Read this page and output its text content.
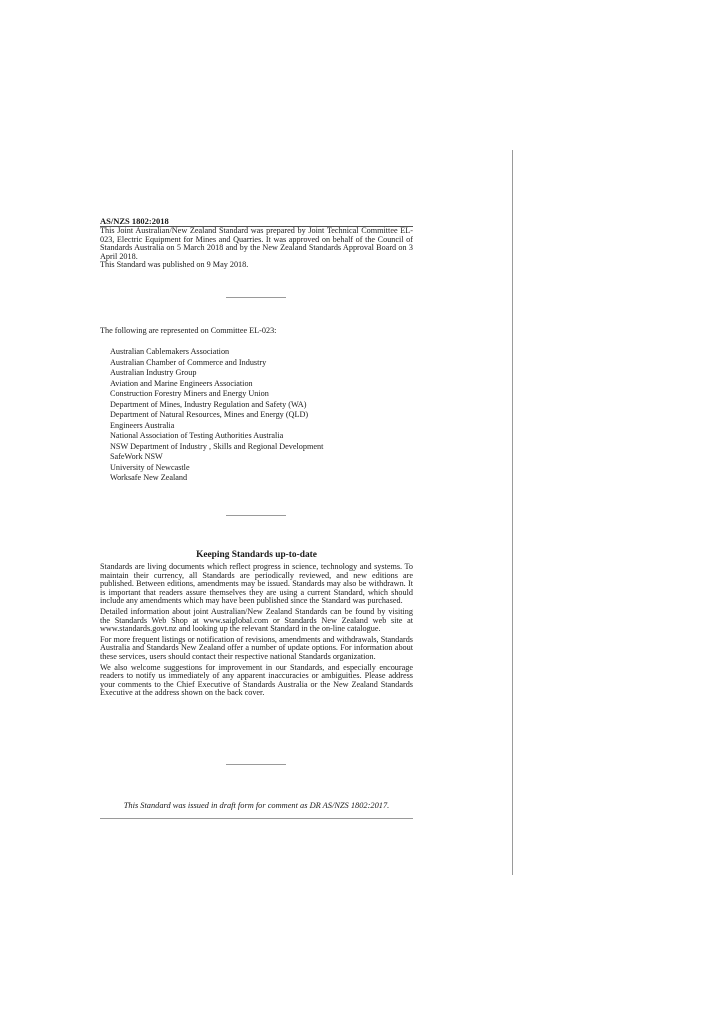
AS/NZS 1802:2018

This Joint Australian/New Zealand Standard was prepared by Joint Technical Committee EL-023, Electric Equipment for Mines and Quarries. It was approved on behalf of the Council of Standards Australia on 5 March 2018 and by the New Zealand Standards Approval Board on 3 April 2018.

This Standard was published on 9 May 2018.

The following are represented on Committee EL-023:
Australian Cablemakers Association
Australian Chamber of Commerce and Industry
Australian Industry Group
Aviation and Marine Engineers Association
Construction Forestry Miners and Energy Union
Department of Mines, Industry Regulation and Safety (WA)
Department of Natural Resources, Mines and Energy (QLD)
Engineers Australia
National Association of Testing Authorities Australia
NSW Department of Industry , Skills and Regional Development
SafeWork NSW
University of Newcastle
Worksafe New Zealand
Keeping Standards up-to-date

Standards are living documents which reflect progress in science, technology and systems. To maintain their currency, all Standards are periodically reviewed, and new editions are published. Between editions, amendments may be issued. Standards may also be withdrawn. It is important that readers assure themselves they are using a current Standard, which should include any amendments which may have been published since the Standard was purchased.

Detailed information about joint Australian/New Zealand Standards can be found by visiting the Standards Web Shop at www.saiglobal.com or Standards New Zealand web site at www.standards.govt.nz and looking up the relevant Standard in the on-line catalogue.

For more frequent listings or notification of revisions, amendments and withdrawals, Standards Australia and Standards New Zealand offer a number of update options. For information about these services, users should contact their respective national Standards organization.

We also welcome suggestions for improvement in our Standards, and especially encourage readers to notify us immediately of any apparent inaccuracies or ambiguities. Please address your comments to the Chief Executive of Standards Australia or the New Zealand Standards Executive at the address shown on the back cover.

This Standard was issued in draft form for comment as DR AS/NZS 1802:2017.
